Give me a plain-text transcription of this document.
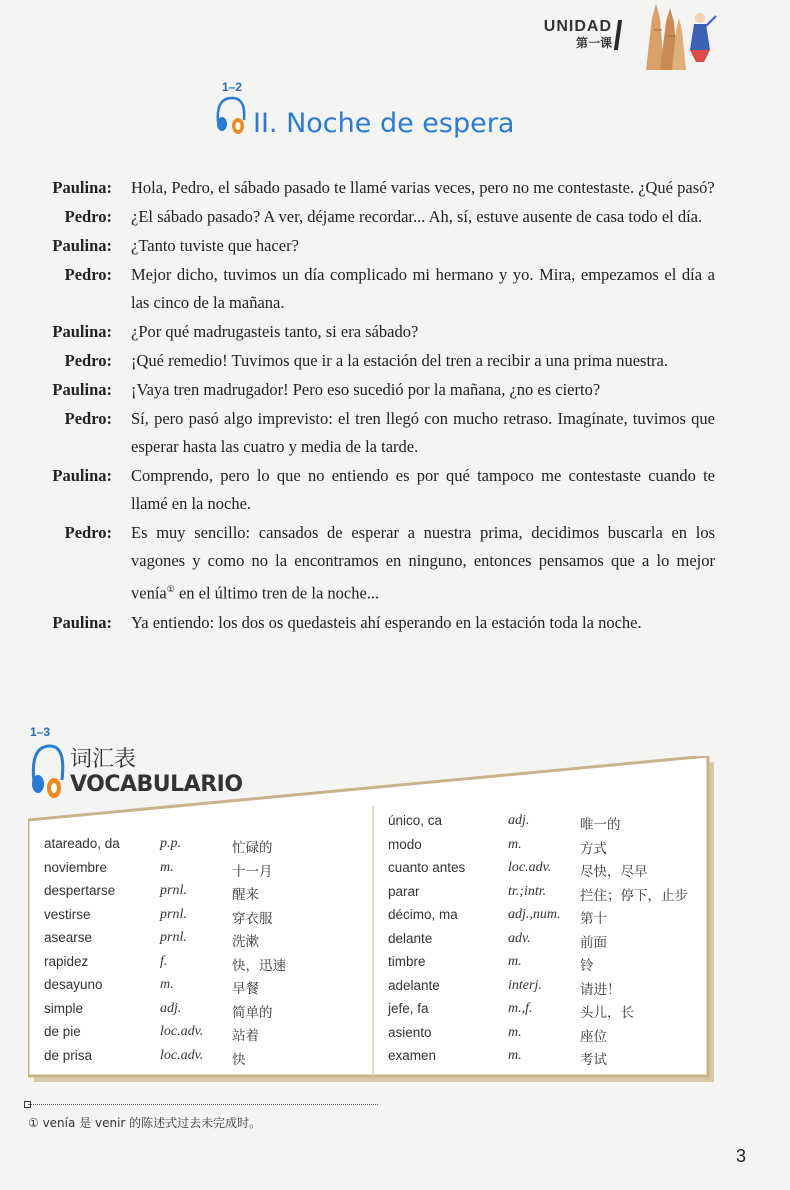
UNIDAD
第一课
1–2
II. Noche de espera
Paulina:	Hola, Pedro, el sábado pasado te llamé varias veces, pero no me contestaste. ¿Qué pasó?
Pedro:	¿El sábado pasado? A ver, déjame recordar... Ah, sí, estuve ausente de casa todo el día.
Paulina:	¿Tanto tuviste que hacer?
Pedro:	Mejor dicho, tuvimos un día complicado mi hermano y yo. Mira, empezamos el día a las cinco de la mañana.
Paulina:	¿Por qué madrugasteis tanto, si era sábado?
Pedro:	¡Qué remedio! Tuvimos que ir a la estación del tren a recibir a una prima nuestra.
Paulina:	¡Vaya tren madrugador! Pero eso sucedió por la mañana, ¿no es cierto?
Pedro:	Sí, pero pasó algo imprevisto: el tren llegó con mucho retraso. Imagínate, tuvimos que esperar hasta las cuatro y media de la tarde.
Paulina:	Comprendo, pero lo que no entiendo es por qué tampoco me contestaste cuando te llamé en la noche.
Pedro:	Es muy sencillo: cansados de esperar a nuestra prima, decidimos buscarla en los vagones y como no la encontramos en ninguno, entonces pensamos que a lo mejor venía① en el último tren de la noche...
Paulina:	Ya entiendo: los dos os quedasteis ahí esperando en la estación toda la noche.
1–3
词汇表
VOCABULARIO
atareado, da	p.p.	忙碌的
noviembre	m.	十一月
despertarse	prnl.	醒来
vestirse	prnl.	穿衣服
asearse	prnl.	洗漱
rapidez	f.	快，迅速
desayuno	m.	早餐
simple	adj.	简单的
de pie	loc.adv. 站着
de prisa	loc.adv. 快
único, ca	adj.	唯一的
modo	m.	方式
cuanto antes	loc.adv. 尽快，尽早
parar	tr.;intr.	拦住；停下，止步
décimo, ma	adj.,num. 第十
delante	adv.	前面
timbre	m.	铃
adelante	interj.	请进！
jefe, fa	m.,f.	头儿，长
asiento	m.	座位
examen	m.	考试
① venía 是 venir 的陈述式过去未完成时。
3
